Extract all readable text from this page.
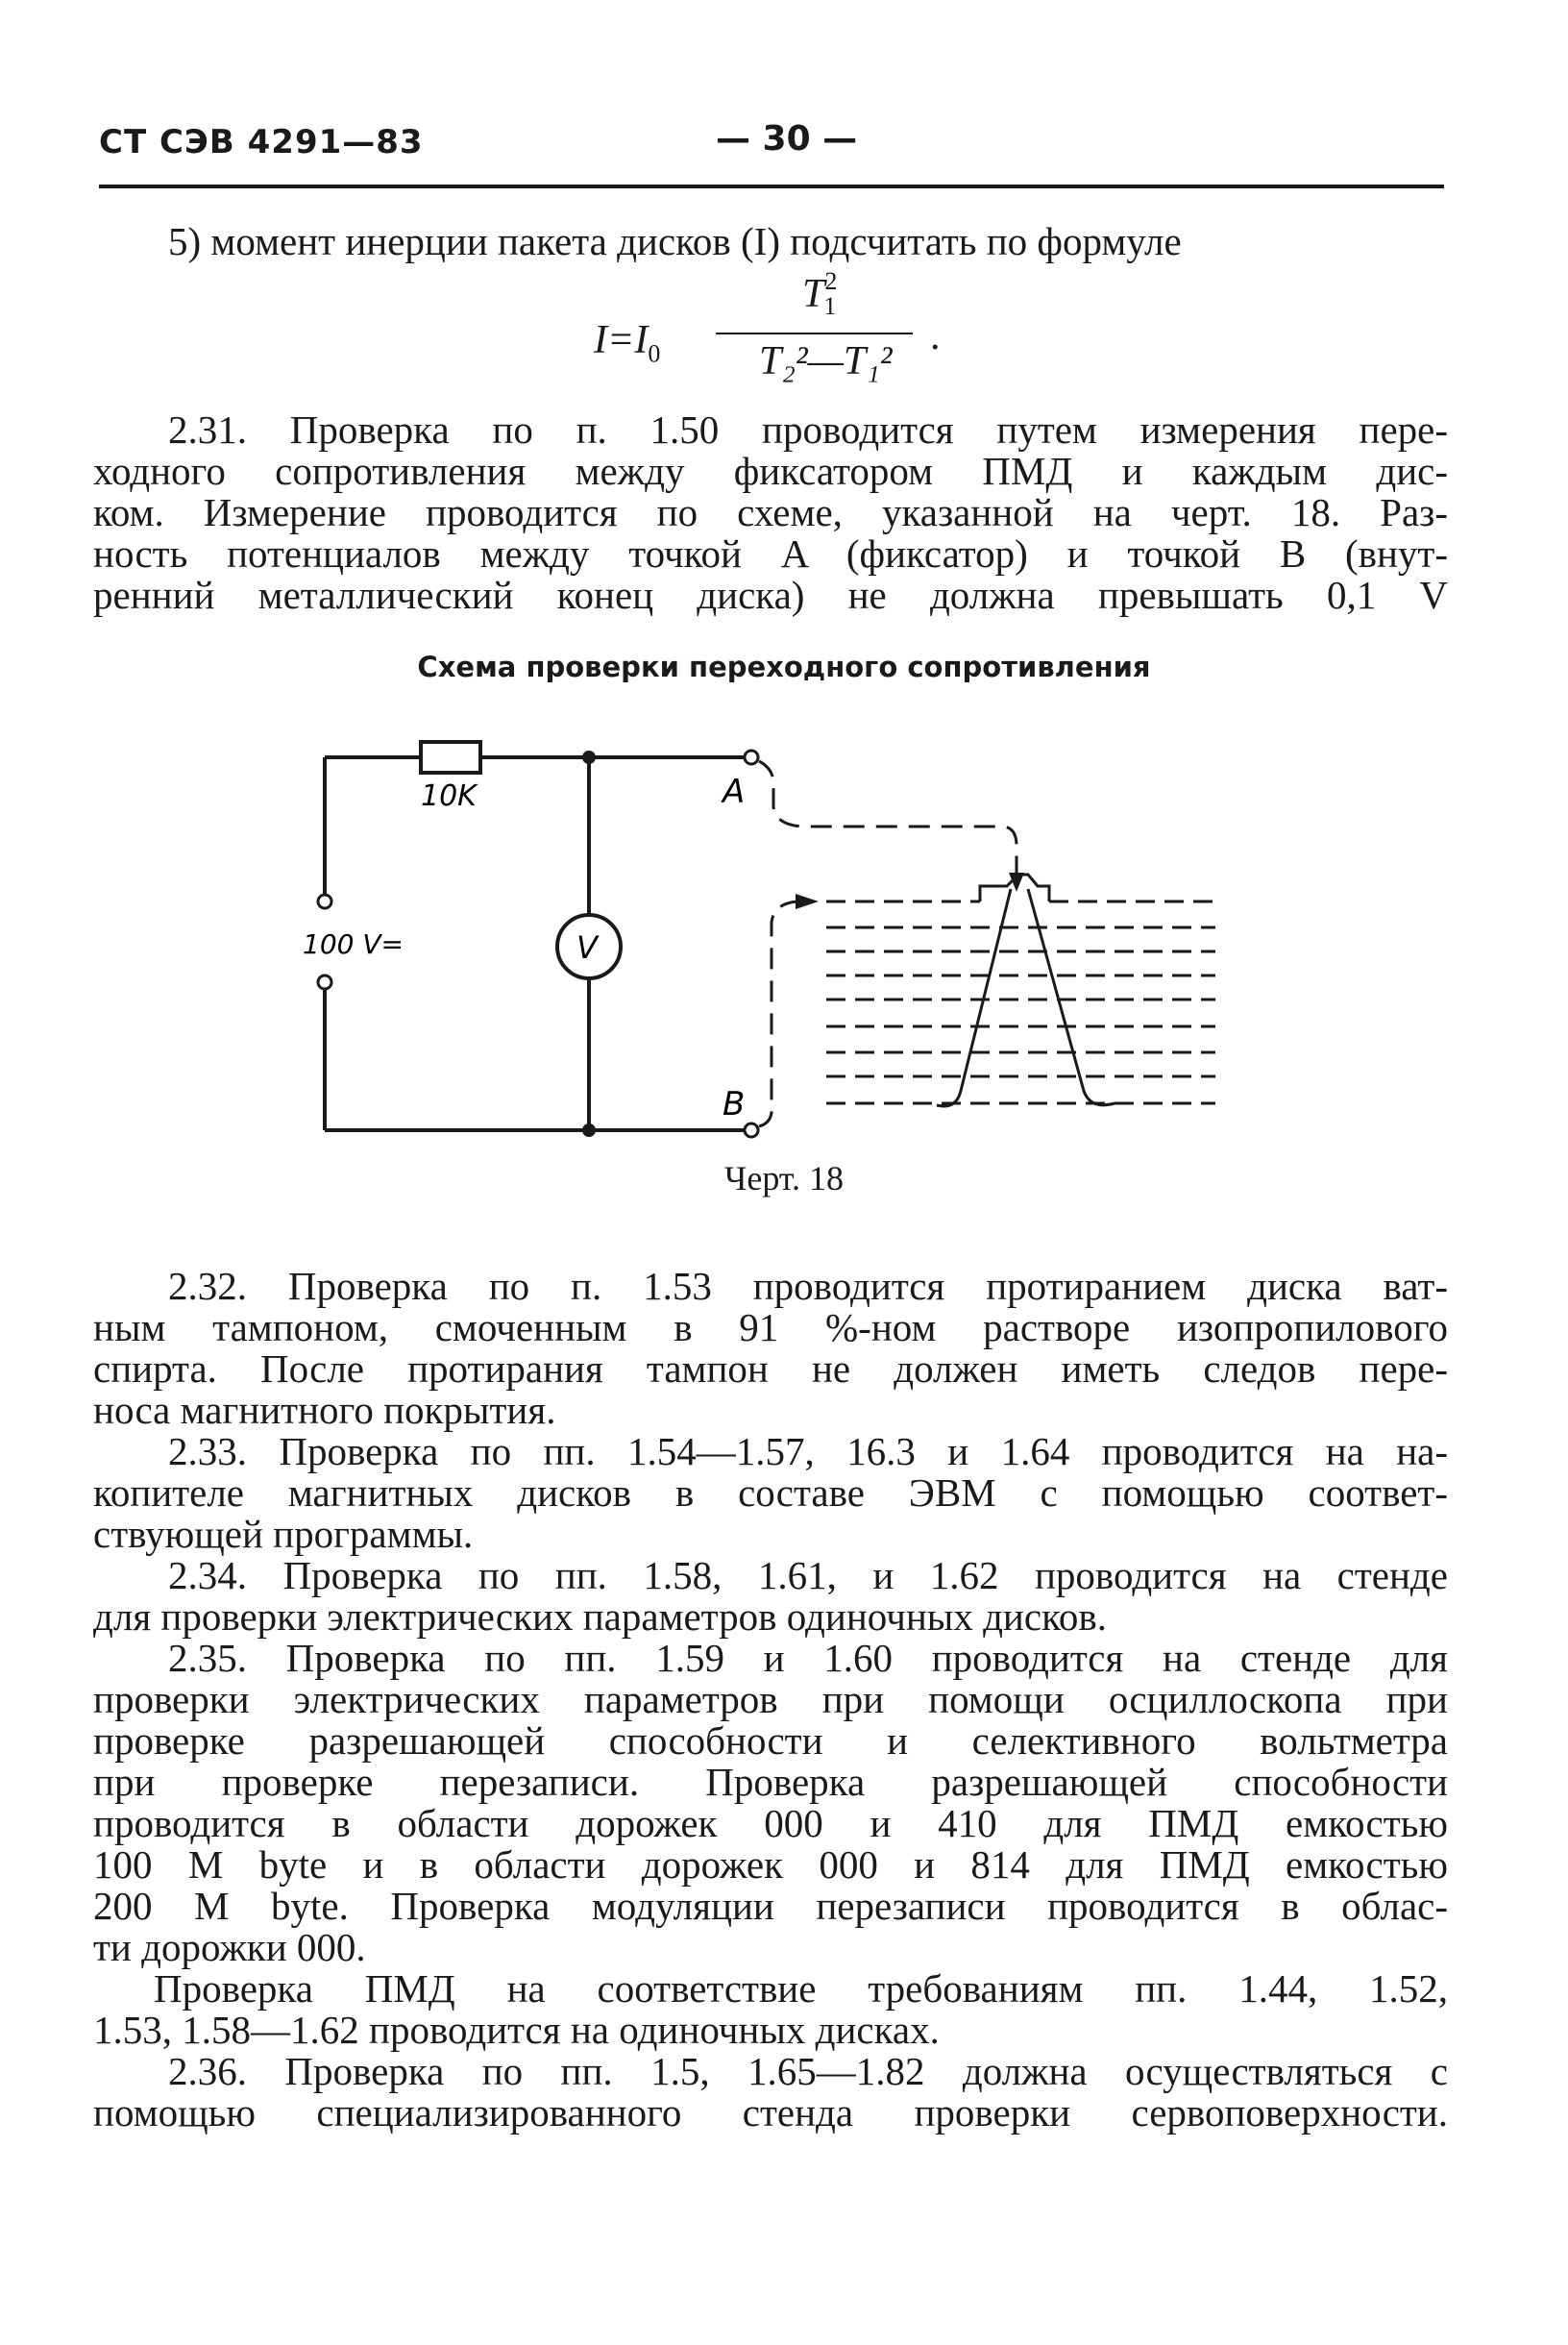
СТ СЭВ 4291—83	— 30 —
5) момент инерции пакета дисков (I) подсчитать по формуле
$I=I_0$
$T^21$
T₂²—T₁²
.
2.31. Проверка по п. 1.50 проводится путем измерения пере-
ходного сопротивления между фиксатором ПМД и каждым дис-
ком. Измерение проводится по схеме, указанной на черт. 18. Раз-
ность потенциалов между точкой A (фиксатор) и точкой B (внут-
ренний металлический конец диска) не должна превышать 0,1 V
Схема проверки переходного сопротивления
10K
100 V=	V
A
B
Черт. 18
2.32. Проверка по п. 1.53 проводится протиранием диска ват-
ным тампоном, смоченным в 91 %-ном растворе изопропилового
спирта. После протирания тампон не должен иметь следов пере-
носа магнитного покрытия.
2.33. Проверка по пп. 1.54—1.57, 16.3 и 1.64 проводится на на-
копителе магнитных дисков в составе ЭВМ с помощью соответ-
ствующей программы.
2.34. Проверка по пп. 1.58, 1.61, и 1.62 проводится на стенде
для проверки электрических параметров одиночных дисков.
2.35. Проверка по пп. 1.59 и 1.60 проводится на стенде для
проверки электрических параметров при помощи осциллоскопа при
проверке разрешающей способности и селективного вольтметра
при проверке перезаписи. Проверка разрешающей способности
проводится в области дорожек 000 и 410 для ПМД емкостью
100 M byte и в области дорожек 000 и 814 для ПМД емкостью
200 M byte. Проверка модуляции перезаписи проводится в облас-
ти дорожки 000.
Проверка ПМД на соответствие требованиям пп. 1.44, 1.52,
1.53, 1.58—1.62 проводится на одиночных дисках.
2.36. Проверка по пп. 1.5, 1.65—1.82 должна осуществляться с
помощью специализированного стенда проверки сервоповерхности.
